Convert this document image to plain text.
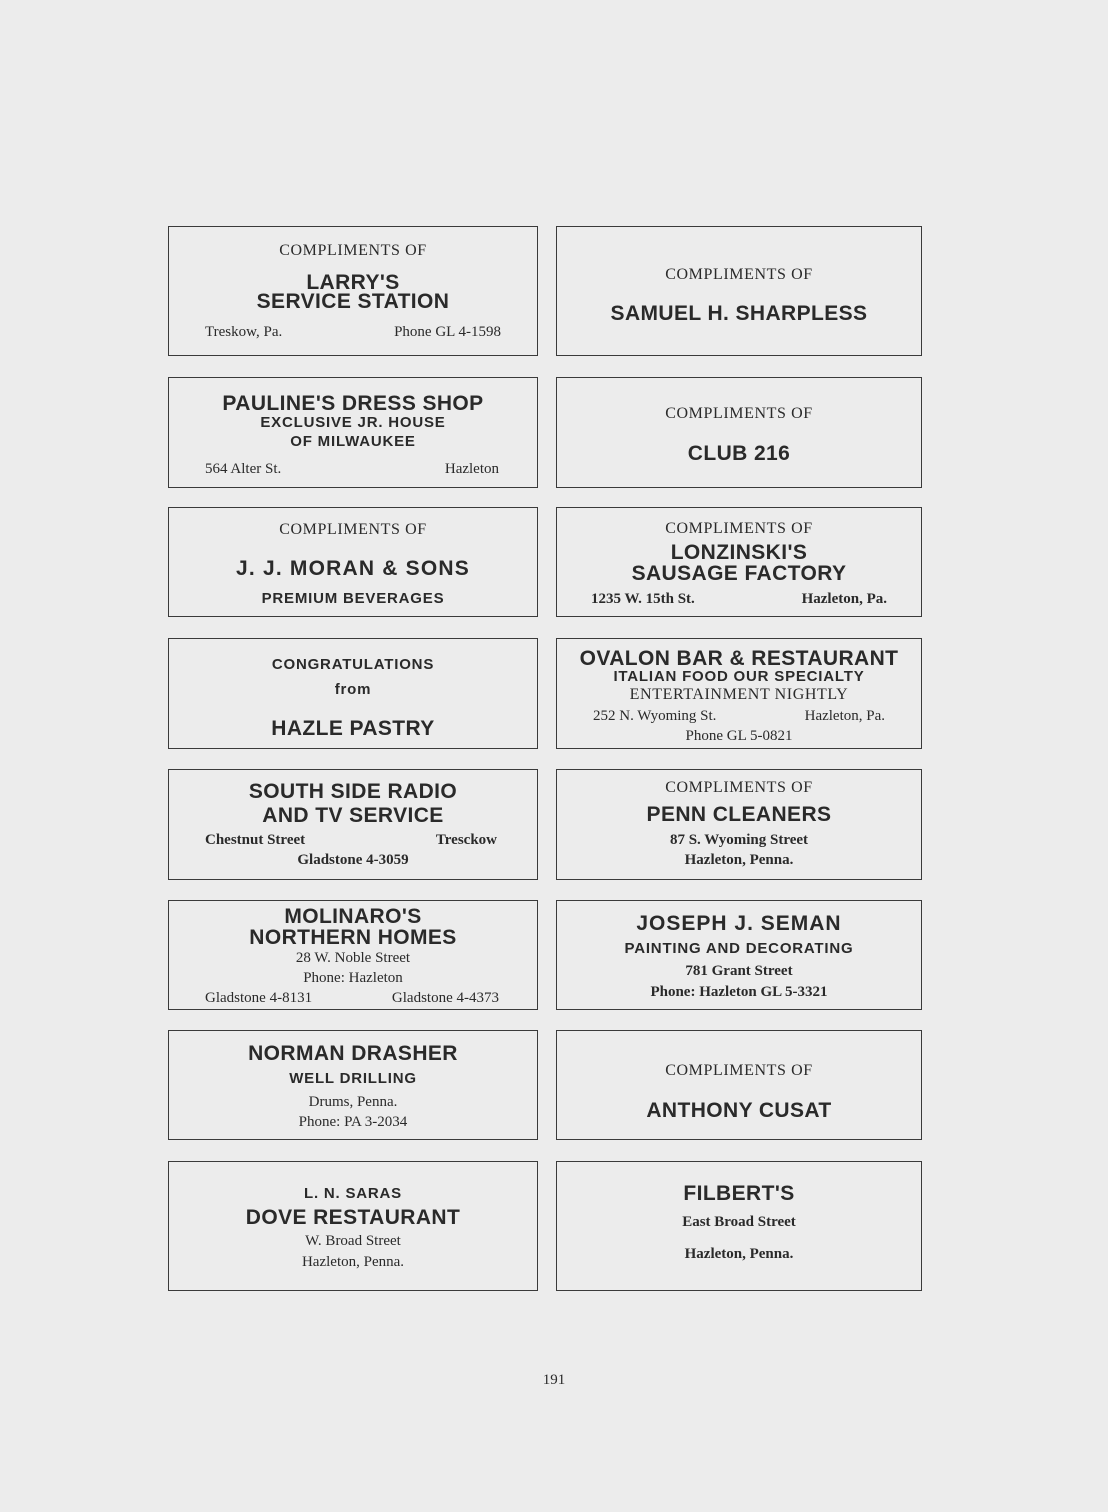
COMPLIMENTS OF
LARRY'S
SERVICE STATION
Treskow, Pa.	Phone GL 4-1598
COMPLIMENTS OF
SAMUEL H. SHARPLESS
PAULINE'S DRESS SHOP
EXCLUSIVE JR. HOUSE
OF MILWAUKEE
564 Alter St.	Hazleton
COMPLIMENTS OF
CLUB 216
COMPLIMENTS OF
J. J. MORAN & SONS
PREMIUM BEVERAGES
COMPLIMENTS OF
LONZINSKI'S
SAUSAGE FACTORY
1235 W. 15th St.	Hazleton, Pa.
CONGRATULATIONS
from
HAZLE PASTRY
OVALON BAR & RESTAURANT
ITALIAN FOOD OUR SPECIALTY
ENTERTAINMENT NIGHTLY
252 N. Wyoming St.	Hazleton, Pa.
Phone GL 5-0821
SOUTH SIDE RADIO
AND TV SERVICE
Chestnut Street	Tresckow
Gladstone 4-3059
COMPLIMENTS OF
PENN CLEANERS
87 S. Wyoming Street
Hazleton, Penna.
MOLINARO'S
NORTHERN HOMES
28 W. Noble Street
Phone: Hazleton
Gladstone 4-8131	Gladstone 4-4373
JOSEPH J. SEMAN
PAINTING AND DECORATING
781 Grant Street
Phone: Hazleton GL 5-3321
NORMAN DRASHER
WELL DRILLING
Drums, Penna.
Phone: PA 3-2034
COMPLIMENTS OF
ANTHONY CUSAT
L. N. SARAS
DOVE RESTAURANT
W. Broad Street
Hazleton, Penna.
FILBERT'S
East Broad Street
Hazleton, Penna.
191
